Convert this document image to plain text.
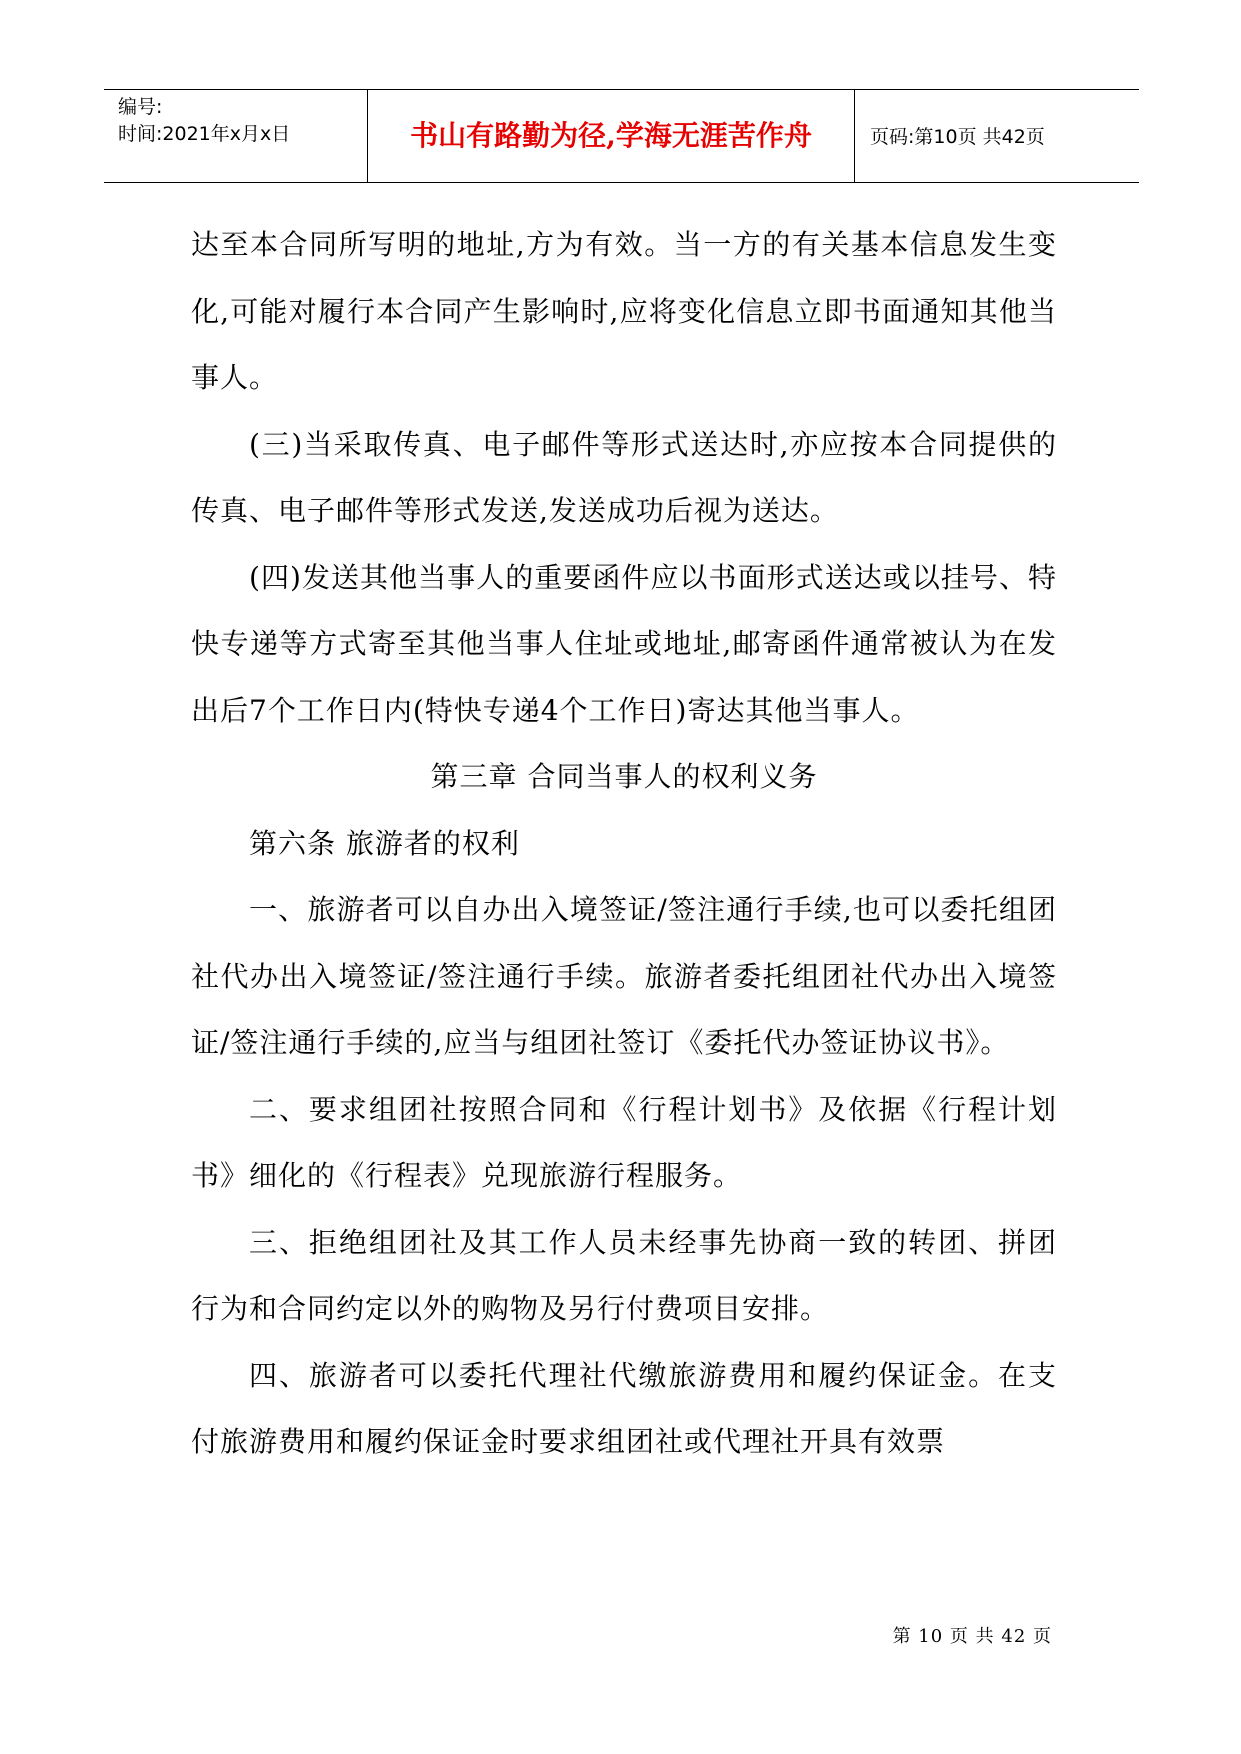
编号:
时间:2021年x月x日	书山有路勤为径,学海无涯苦作舟	页码:第10页 共42页

达至本合同所写明的地址,方为有效。当一方的有关基本信息发生变化,可能对履行本合同产生影响时,应将变化信息立即书面通知其他当事人。

(三)当采取传真、电子邮件等形式送达时,亦应按本合同提供的传真、电子邮件等形式发送,发送成功后视为送达。

(四)发送其他当事人的重要函件应以书面形式送达或以挂号、特快专递等方式寄至其他当事人住址或地址,邮寄函件通常被认为在发出后7个工作日内(特快专递4个工作日)寄达其他当事人。

第三章 合同当事人的权利义务

第六条 旅游者的权利

一、旅游者可以自办出入境签证/签注通行手续,也可以委托组团社代办出入境签证/签注通行手续。旅游者委托组团社代办出入境签证/签注通行手续的,应当与组团社签订《委托代办签证协议书》。

二、要求组团社按照合同和《行程计划书》及依据《行程计划书》细化的《行程表》兑现旅游行程服务。

三、拒绝组团社及其工作人员未经事先协商一致的转团、拼团行为和合同约定以外的购物及另行付费项目安排。

四、旅游者可以委托代理社代缴旅游费用和履约保证金。在支付旅游费用和履约保证金时要求组团社或代理社开具有效票

第 10 页 共 42 页
